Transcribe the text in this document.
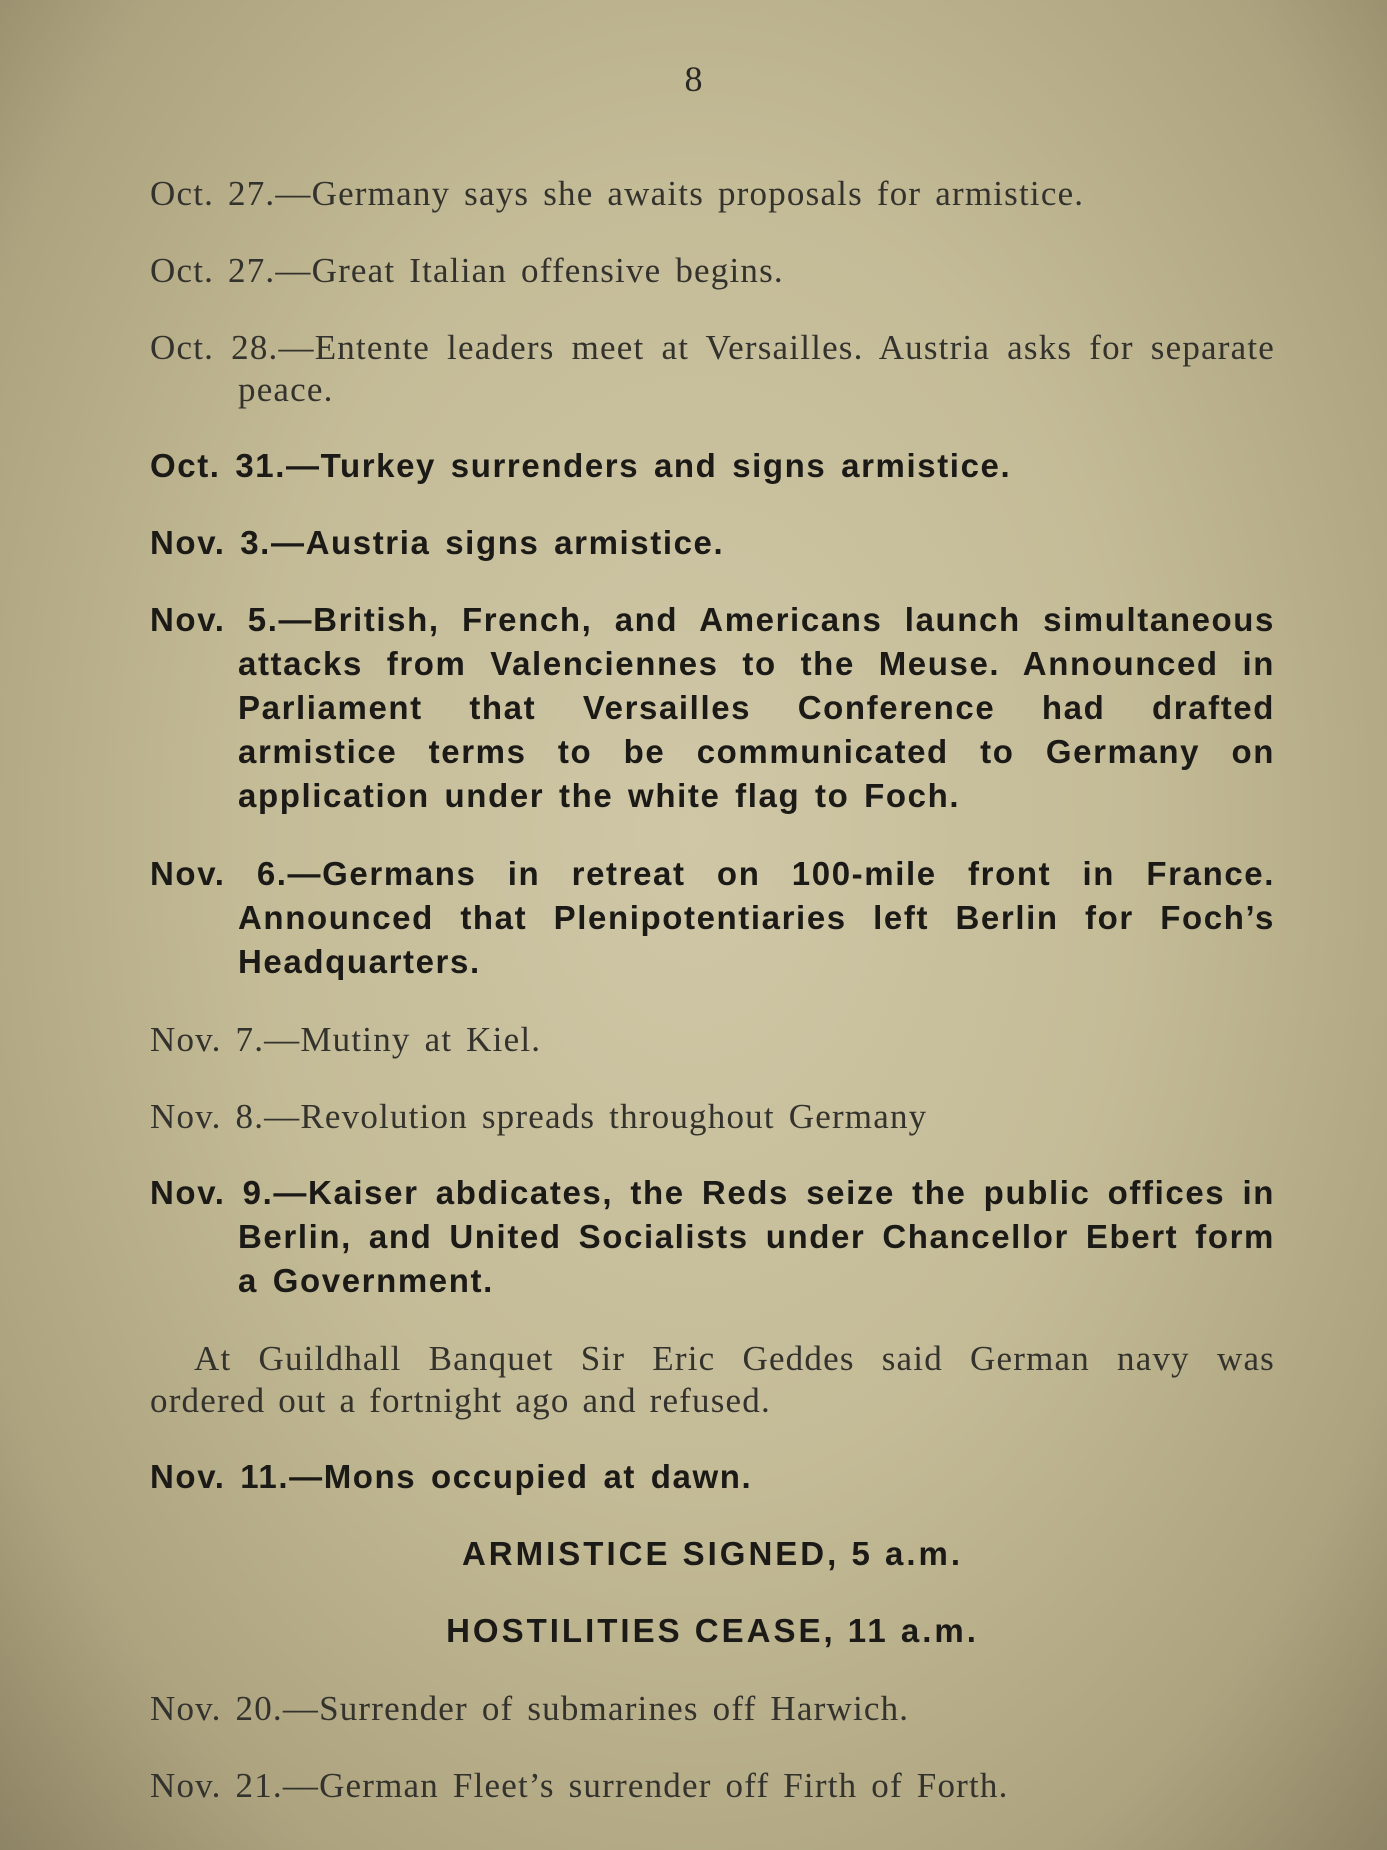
8

Oct. 27.—Germany says she awaits proposals for armistice.

Oct. 27.—Great Italian offensive begins.

Oct. 28.—Entente leaders meet at Versailles. Austria asks for separate peace.

Oct. 31.—Turkey surrenders and signs armistice.

Nov. 3.—Austria signs armistice.

Nov. 5.—British, French, and Americans launch simultaneous attacks from Valenciennes to the Meuse. Announced in Parliament that Versailles Conference had drafted armistice terms to be communicated to Germany on application under the white flag to Foch.

Nov. 6.—Germans in retreat on 100-mile front in France. Announced that Plenipotentiaries left Berlin for Foch’s Headquarters.

Nov. 7.—Mutiny at Kiel.

Nov. 8.—Revolution spreads throughout Germany

Nov. 9.—Kaiser abdicates, the Reds seize the public offices in Berlin, and United Socialists under Chancellor Ebert form a Government.

At Guildhall Banquet Sir Eric Geddes said German navy was ordered out a fortnight ago and refused.

Nov. 11.—Mons occupied at dawn.

ARMISTICE SIGNED, 5 a.m.

HOSTILITIES CEASE, 11 a.m.

Nov. 20.—Surrender of submarines off Harwich.

Nov. 21.—German Fleet’s surrender off Firth of Forth.
